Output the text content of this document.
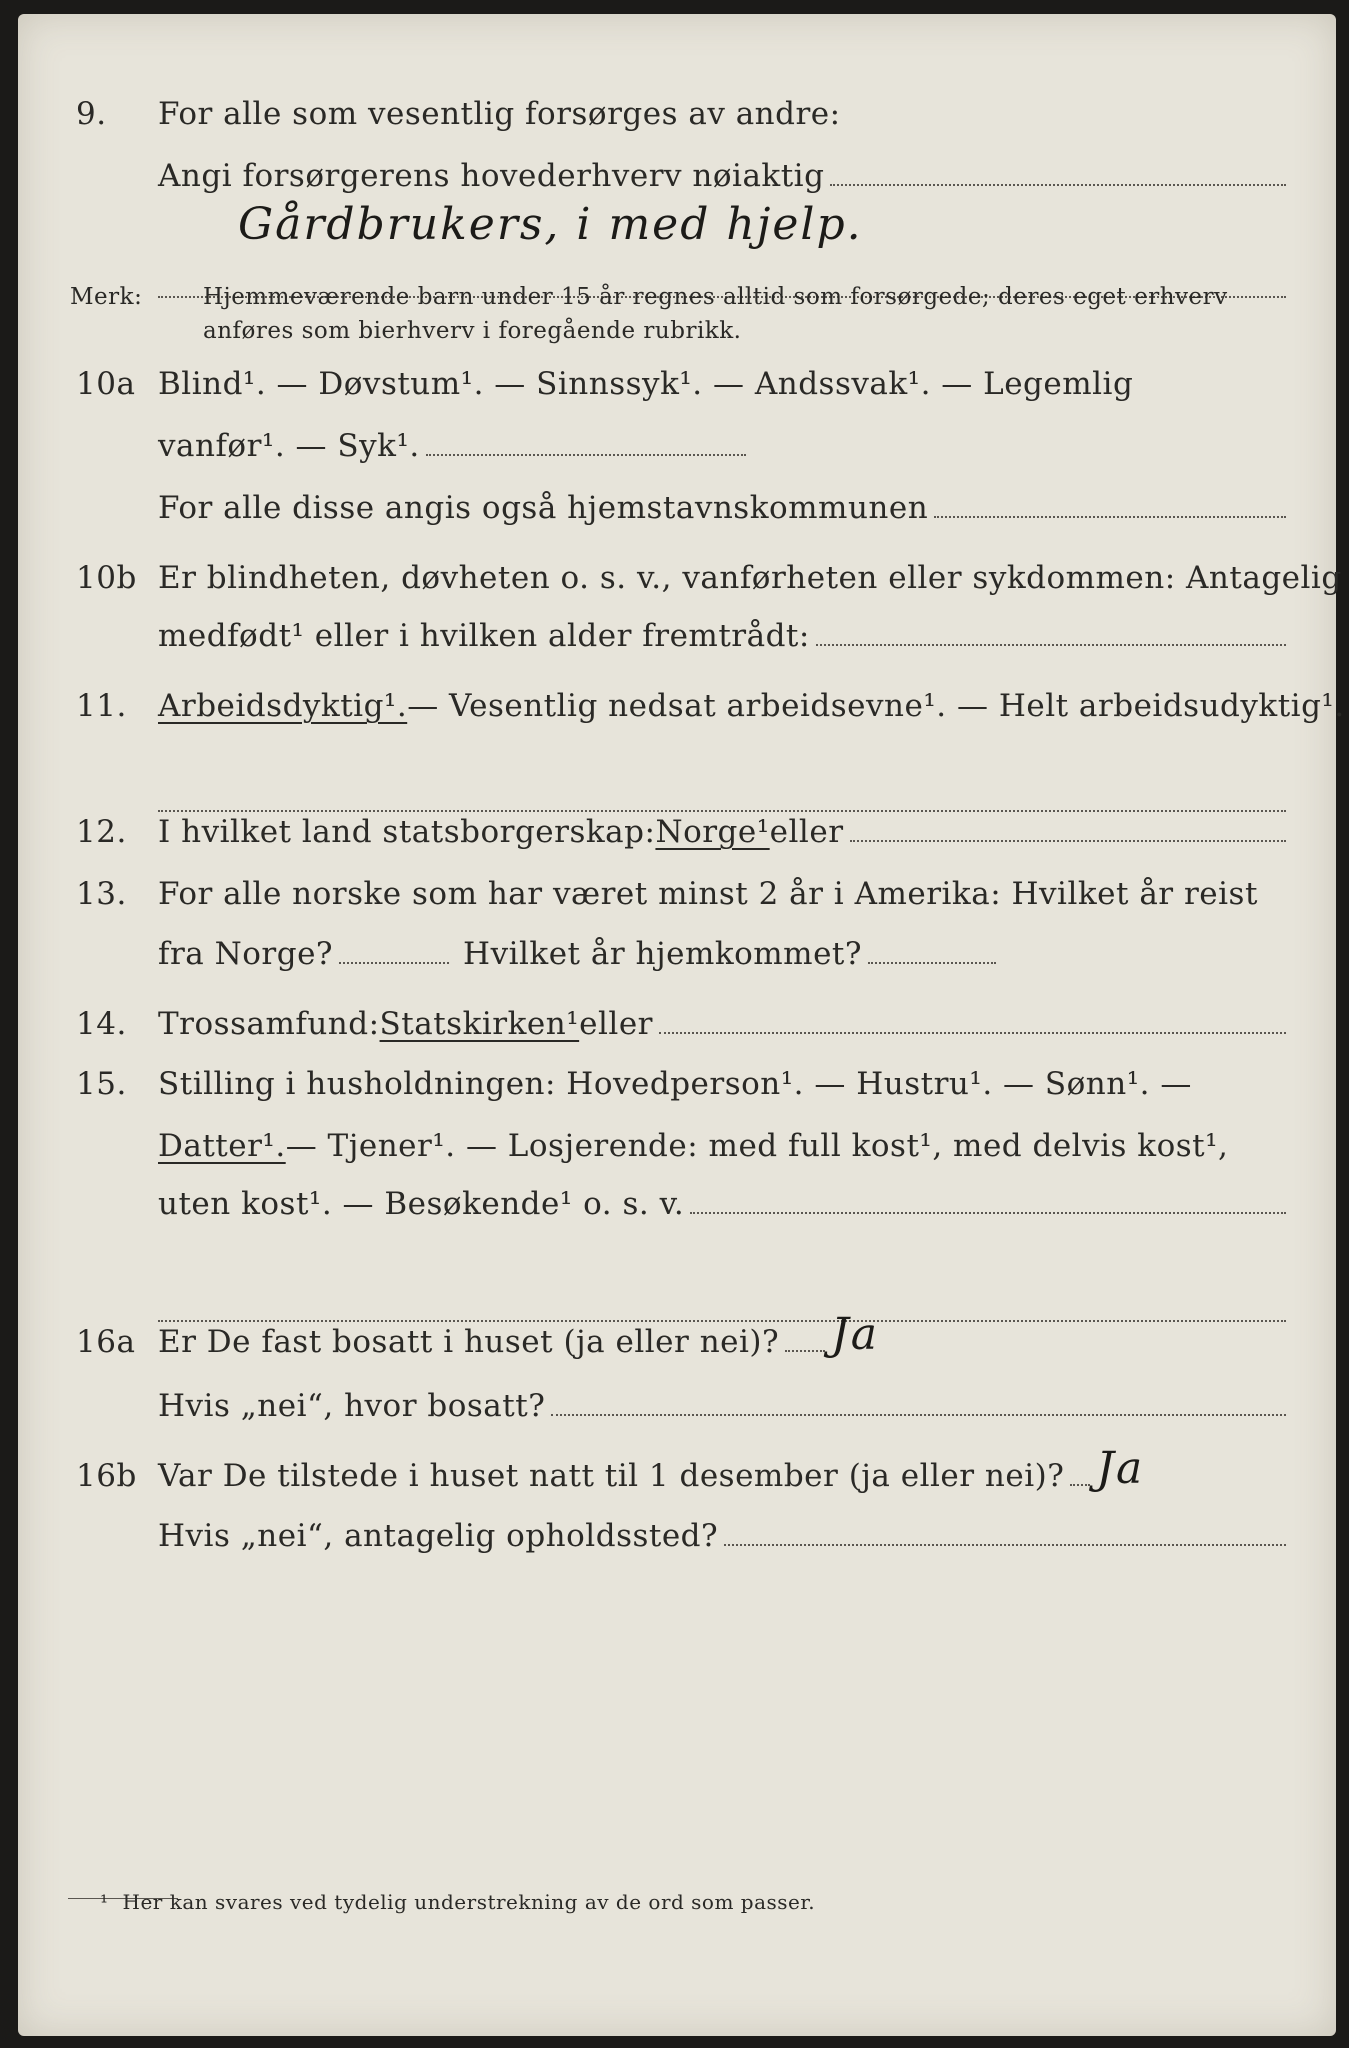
9. For alle som vesentlig forsørges av andre:
Angi forsørgerens hovederhverv nøiaktig
Gårdbrukers, i med hjelp.
Merk:	Hjemmeværende barn under 15 år regnes alltid som forsørgede; deres eget erhverv
anføres som bierhverv i foregående rubrikk.
10a Blind¹. — Døvstum¹. — Sinnssyk¹. — Andssvak¹. — Legemlig
vanfør¹. — Syk¹.
For alle disse angis også hjemstavnskommunen
10b Er blindheten, døvheten o. s. v., vanførheten eller sykdommen: Antagelig
medfødt¹ eller i hvilken alder fremtrådt:
11. Arbeidsdyktig¹. — Vesentlig nedsat arbeidsevne¹. — Helt arbeidsudyktig¹.
12. I hvilket land statsborgerskap: Norge¹ eller
13. For alle norske som har været minst 2 år i Amerika: Hvilket år reist
fra Norge?	Hvilket år hjemkommet?
14. Trossamfund: Statskirken¹ eller
15. Stilling i husholdningen: Hovedperson¹. — Hustru¹. — Sønn¹. —
Datter¹. — Tjener¹. — Losjerende: med full kost¹, med delvis kost¹,
uten kost¹. — Besøkende¹ o. s. v.
16a Er De fast bosatt i huset (ja eller nei)? Ja
Hvis „nei“, hvor bosatt?
16b Var De tilstede i huset natt til 1 desember (ja eller nei)? Ja
Hvis „nei“, antagelig opholdssted?
¹ Her kan svares ved tydelig understrekning av de ord som passer.
